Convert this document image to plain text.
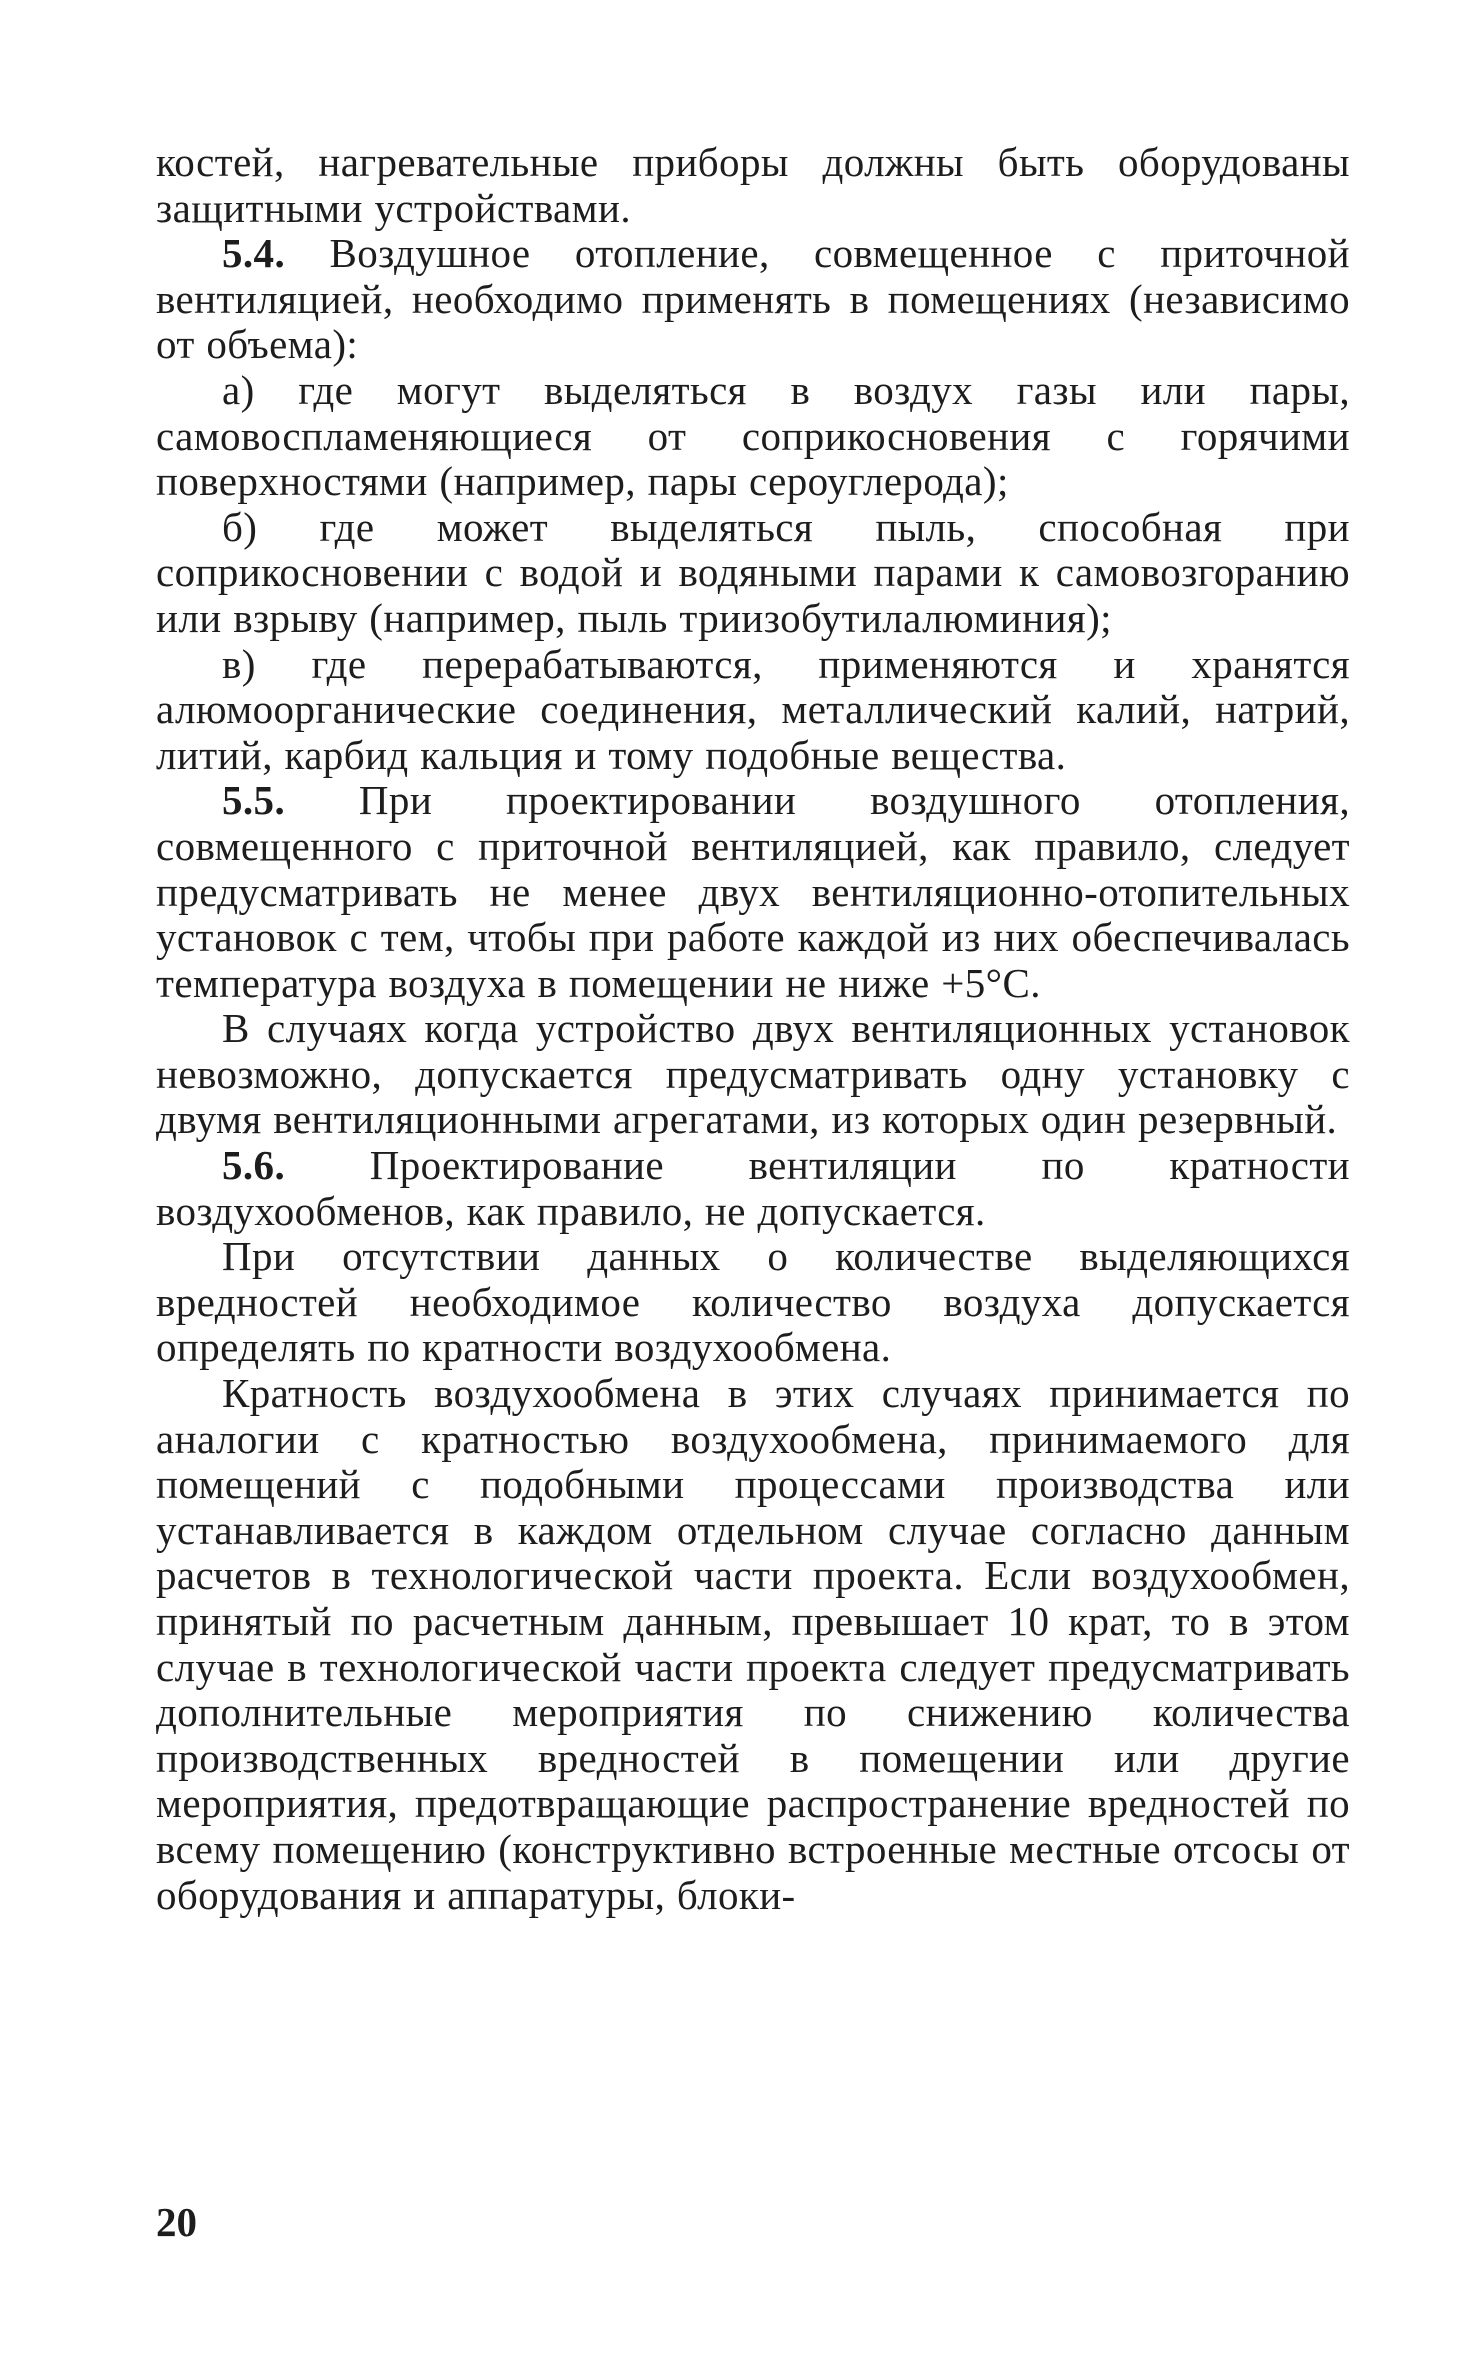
костей, нагревательные приборы должны быть оборудованы защитными устройствами.

5.4. Воздушное отопление, совмещенное с приточной вентиляцией, необходимо применять в помещениях (независимо от объема):

а) где могут выделяться в воздух газы или пары, самовоспламеняющиеся от соприкосновения с горячими поверхностями (например, пары сероуглерода);

б) где может выделяться пыль, способная при соприкосновении с водой и водяными парами к самовозгоранию или взрыву (например, пыль триизобутилалюминия);

в) где перерабатываются, применяются и хранятся алюмоорганические соединения, металлический калий, натрий, литий, карбид кальция и тому подобные вещества.

5.5. При проектировании воздушного отопления, совмещенного с приточной вентиляцией, как правило, следует предусматривать не менее двух вентиляционно-отопительных установок с тем, чтобы при работе каждой из них обеспечивалась температура воздуха в помещении не ниже +5°C.

В случаях когда устройство двух вентиляционных установок невозможно, допускается предусматривать одну установку с двумя вентиляционными агрегатами, из которых один резервный.

5.6. Проектирование вентиляции по кратности воздухообменов, как правило, не допускается.

При отсутствии данных о количестве выделяющихся вредностей необходимое количество воздуха допускается определять по кратности воздухообмена.

Кратность воздухообмена в этих случаях принимается по аналогии с кратностью воздухообмена, принимаемого для помещений с подобными процессами производства или устанавливается в каждом отдельном случае согласно данным расчетов в технологической части проекта. Если воздухообмен, принятый по расчетным данным, превышает 10 крат, то в этом случае в технологической части проекта следует предусматривать дополнительные мероприятия по снижению количества производственных вредностей в помещении или другие мероприятия, предотвращающие распространение вредностей по всему помещению (конструктивно встроенные местные отсосы от оборудования и аппаратуры, блоки-

20
